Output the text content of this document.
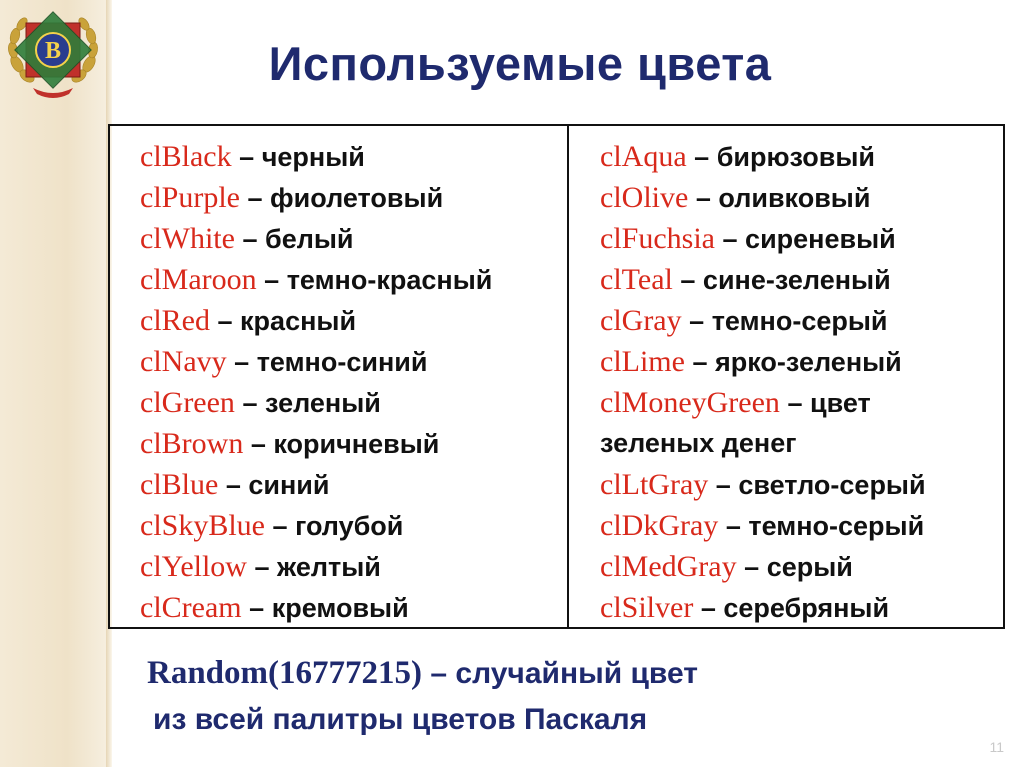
B	Используемые цвета
clBlack – черный
clPurple – фиолетовый
clWhite – белый
clMaroon – темно-красный
clRed – красный
clNavy – темно-синий
clGreen – зеленый
clBrown – коричневый
clBlue – синий
clSkyBlue – голубой
clYellow – желтый
clCream – кремовый
clAqua – бирюзовый
clOlive – оливковый
clFuchsia – сиреневый
clTeal – сине-зеленый
clGray – темно-серый
clLime – ярко-зеленый
clMoneyGreen – цвет
зеленых денег
clLtGray – светло-серый
clDkGray – темно-серый
clMedGray – серый
clSilver – серебряный
Random(16777215) – случайный цвет
из всей палитры цветов Паскаля
11
